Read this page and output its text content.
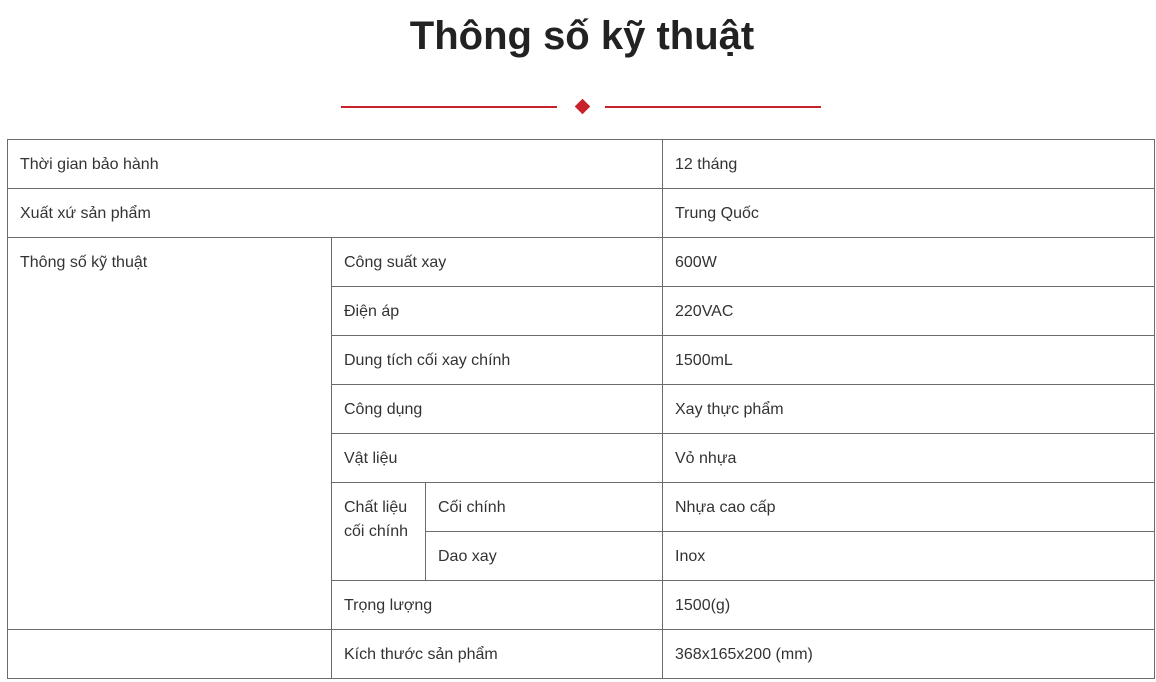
Thông số kỹ thuật
Thời gian bảo hành			12 tháng
Xuất xứ sản phẩm			Trung Quốc
Thông số kỹ thuật	Công suất xay		600W
	Điện áp		220VAC
	Dung tích cối xay chính		1500mL
	Công dụng		Xay thực phẩm
	Vật liệu		Vỏ nhựa
	Chất liệu cối chính	Cối chính	Nhựa cao cấp
		Dao xay	Inox
	Trọng lượng		1500(g)
	Kích thước sản phẩm		368x165x200 (mm)
